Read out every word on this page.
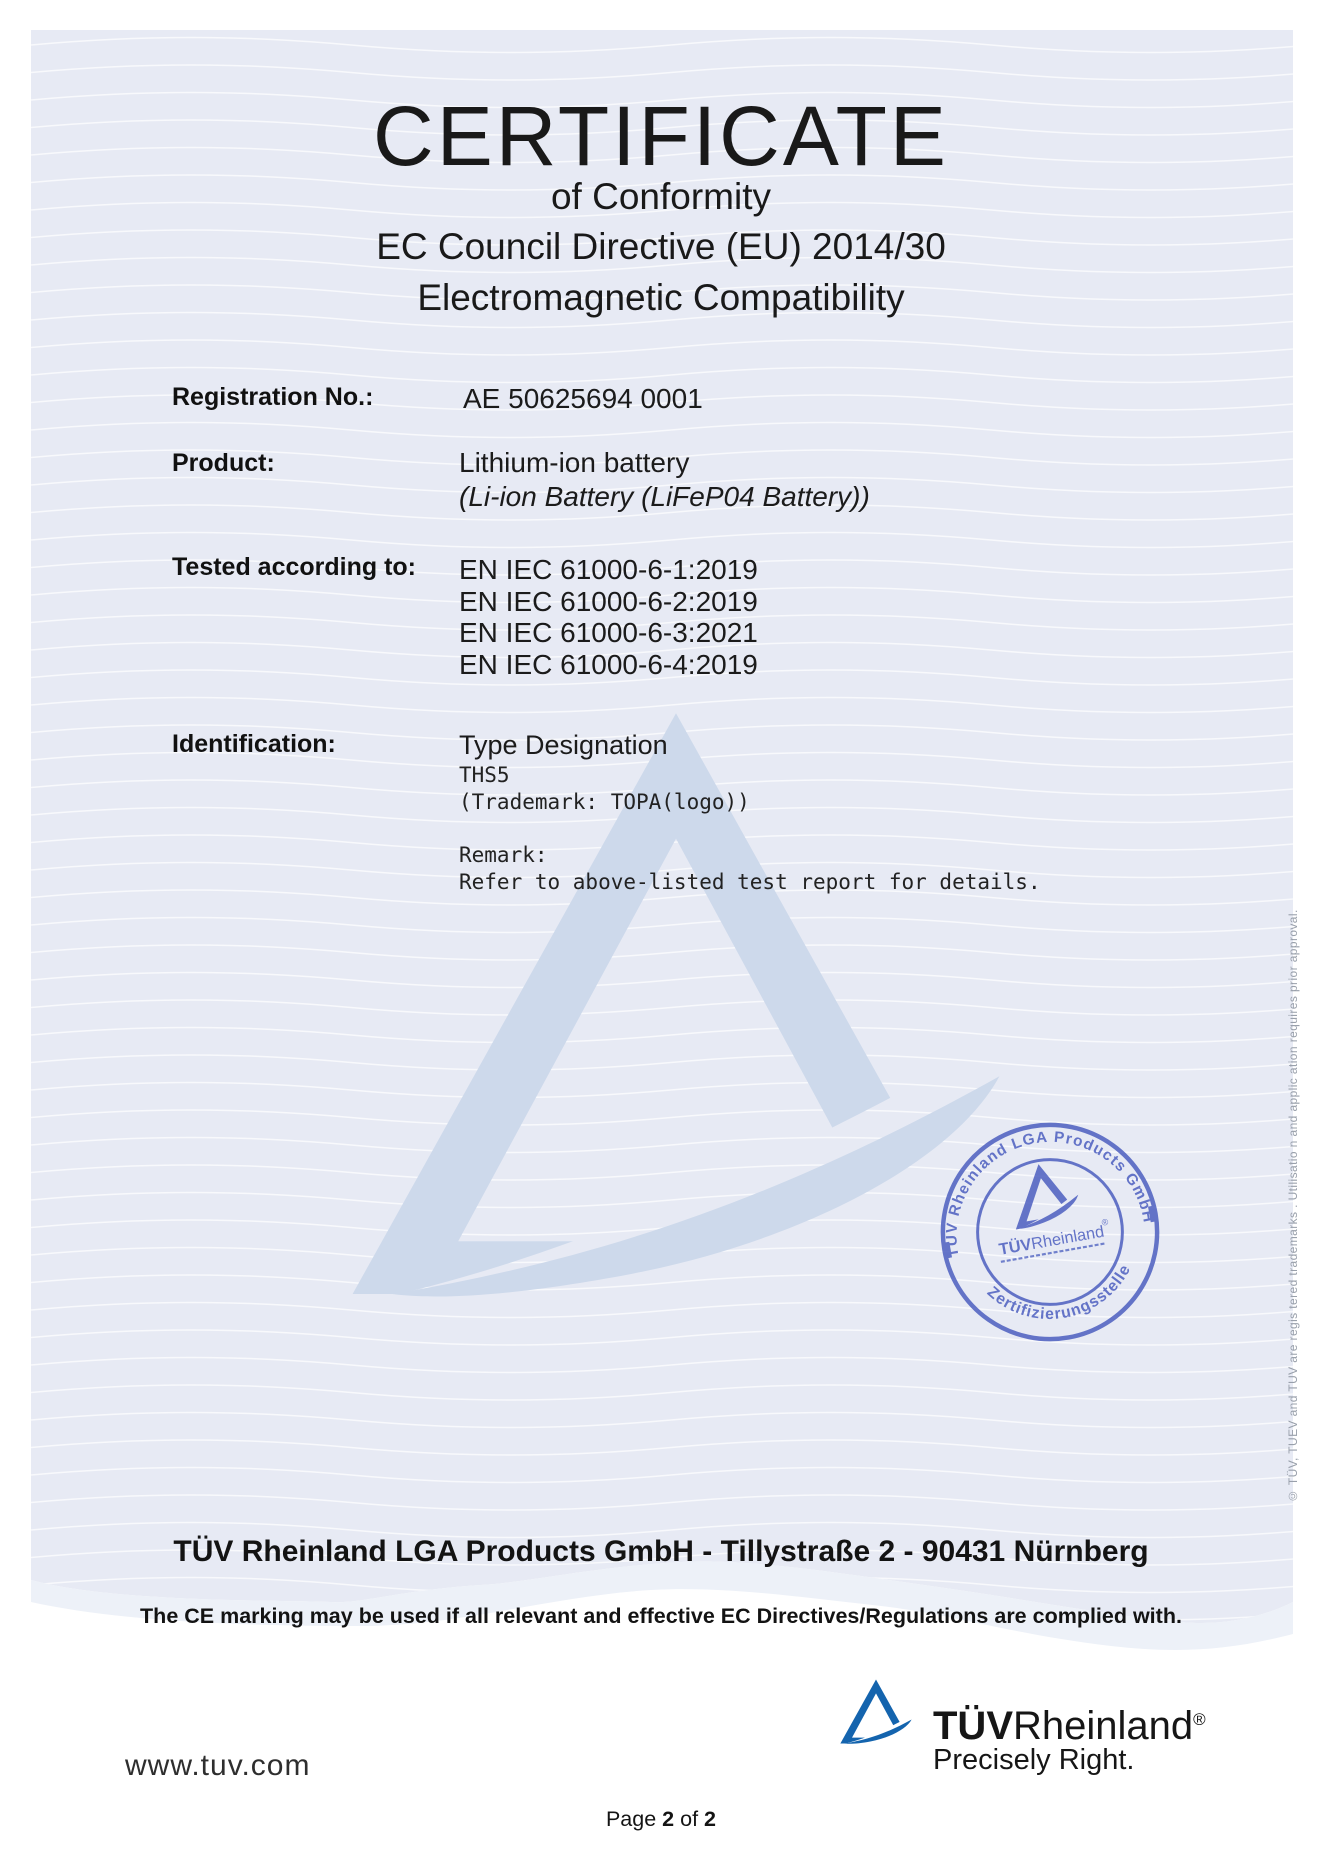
CERTIFICATE
of Conformity
EC Council Directive (EU) 2014/30
Electromagnetic Compatibility
Registration No.:	AE 50625694 0001
Product:	Lithium-ion battery
(Li-ion Battery (LiFeP04 Battery))
Tested according to: EN IEC 61000-6-1:2019
EN IEC 61000-6-2:2019
EN IEC 61000-6-3:2021
EN IEC 61000-6-4:2019
Identification:	Type Designation
THS5
(Trademark: TOPA(logo))
Remark:
Refer to above-listed test report for details.
TÜV Rheinland LGA Products GmbH
Zertifizierungsstelle
TÜVRheinland
®	© TÜV, TUEV and TUV are regis tered trademarks . Utilisatio n and applic ation requires prior approval.
TÜV Rheinland LGA Products GmbH - Tillystraße 2 - 90431 Nürnberg
The CE marking may be used if all relevant and effective EC Directives/Regulations are complied with.
www.tuv.com
TÜVRheinland®
Precisely Right.
Page 2 of 2
